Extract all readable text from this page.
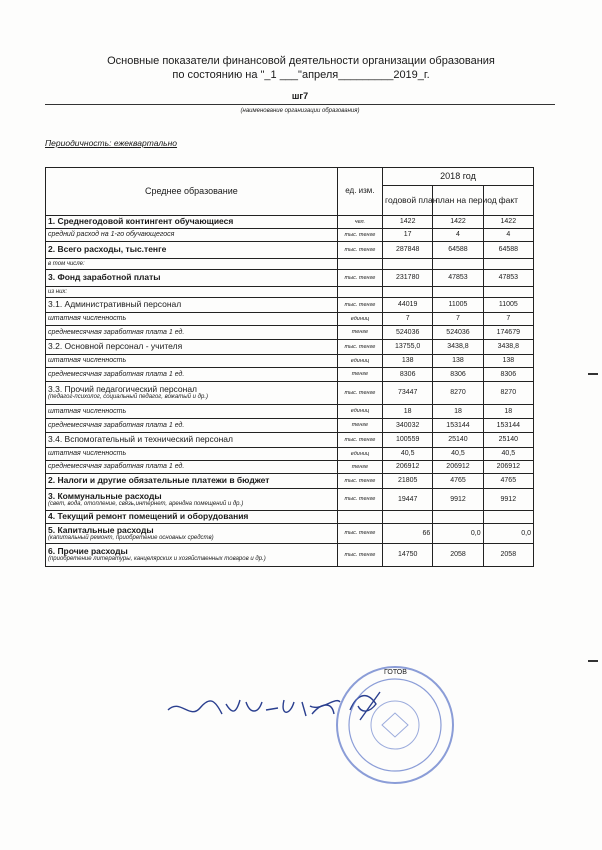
Основные показатели финансовой деятельности организации образования
по состоянию на "_1 ___"апреля_________2019_г.
шг7
(наименование организации образования)
Периодичность: ежеквартально
Среднее образование	ед. изм.	2018 год		
		годовой план	план на период	факт
1. Среднегодовой контингент обучающиеся	чел.	1422	1422	1422
средний расход на 1-го обучающегося	тыс. тенге	17	4	4
2. Всего расходы, тыс.тенге	тыс. тенге	287848	64588	64588
в том числе:				
3. Фонд заработной платы	тыс. тенге	231780	47853	47853
из них:				
3.1. Административный персонал	тыс. тенге	44019	11005	11005
штатная численность	единиц	7	7	7
среднемесячная заработная плата 1 ед.	тенге	524036	524036	174679
3.2. Основной персонал - учителя	тыс. тенге	13755,0	3438,8	3438,8
штатная численность	единиц	138	138	138
среднемесячная заработная плата 1 ед.	тенге	8306	8306	8306
3.3. Прочий педагогический персонал
(педагог-психолог, социальный педагог, вожатый и др.)	тыс. тенге	73447	8270	8270
штатная численность	единиц	18	18	18
среднемесячная заработная плата 1 ед.	тенге	340032	153144	153144
3.4. Вспомогательный и технический персонал	тыс. тенге	100559	25140	25140
штатная численность	единиц	40,5	40,5	40,5
среднемесячная заработная плата 1 ед.	тенге	206912	206912	206912
2. Налоги и другие обязательные платежи в бюджет	тыс. тенге	21805	4765	4765
3. Коммунальные расходы
(свет, вода, отопление, связь,интернет, арендна помещений и др.)	тыс. тенге	19447	9912	9912
4. Текущий ремонт помещений и оборудования				
5. Капитальные расходы
(капитальный ремонт, приобретение основных средств)	тыс. тенге	66	0,0	0,0
6. Прочие расходы
(приобретение литературы, канцелярских и хозяйственных товаров и др.)	тыс. тенге	14750	2058	2058
ГОТОВ
